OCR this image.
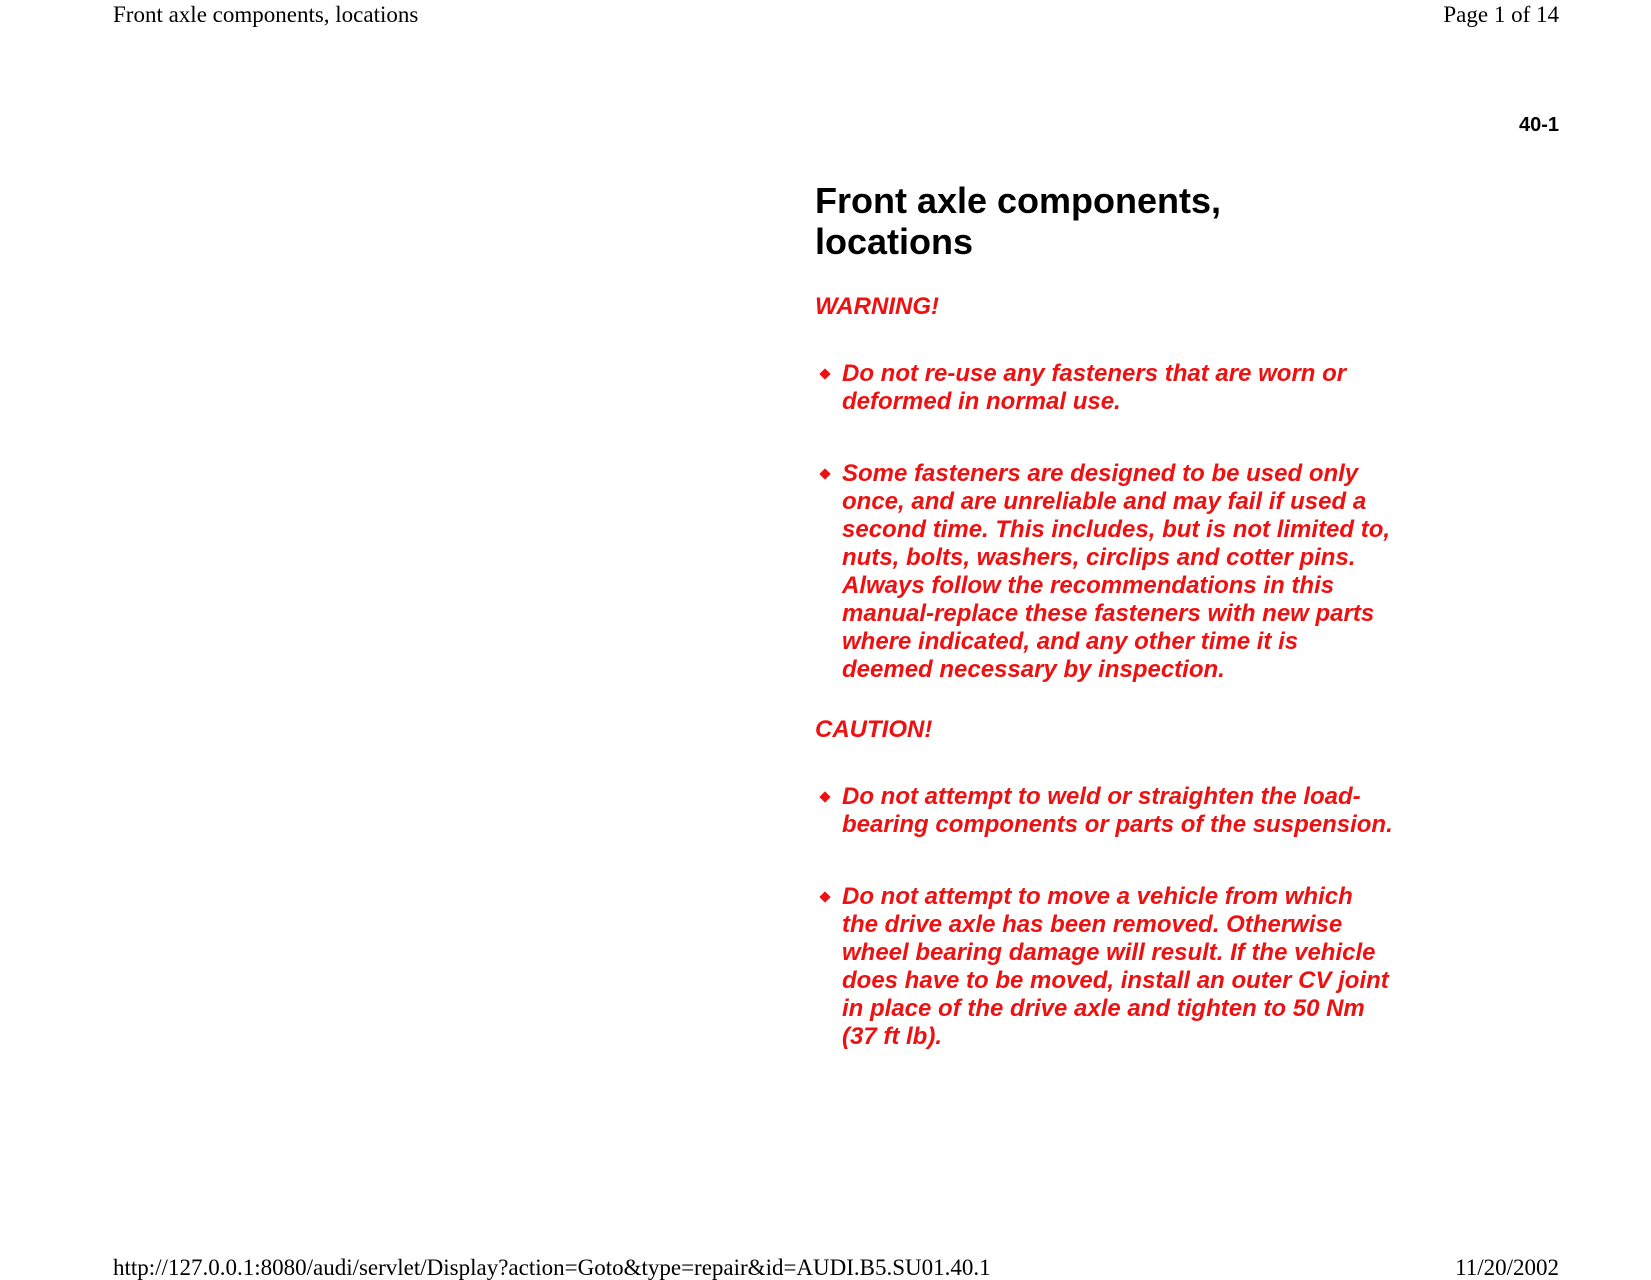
Front axle components, locations	Page 1 of 14
40-1
Front axle components,
locations
WARNING!
Do not re-use any fasteners that are worn or deformed in normal use.
Some fasteners are designed to be used only once, and are unreliable and may fail if used a second time. This includes, but is not limited to, nuts, bolts, washers, circlips and cotter pins. Always follow the recommendations in this manual-replace these fasteners with new parts where indicated, and any other time it is deemed necessary by inspection.
CAUTION!
Do not attempt to weld or straighten the load-bearing components or parts of the suspension.
Do not attempt to move a vehicle from which the drive axle has been removed. Otherwise wheel bearing damage will result. If the vehicle does have to be moved, install an outer CV joint in place of the drive axle and tighten to 50 Nm (37 ft lb).
http://127.0.0.1:8080/audi/servlet/Display?action=Goto&type=repair&id=AUDI.B5.SU01.40.1	11/20/2002
